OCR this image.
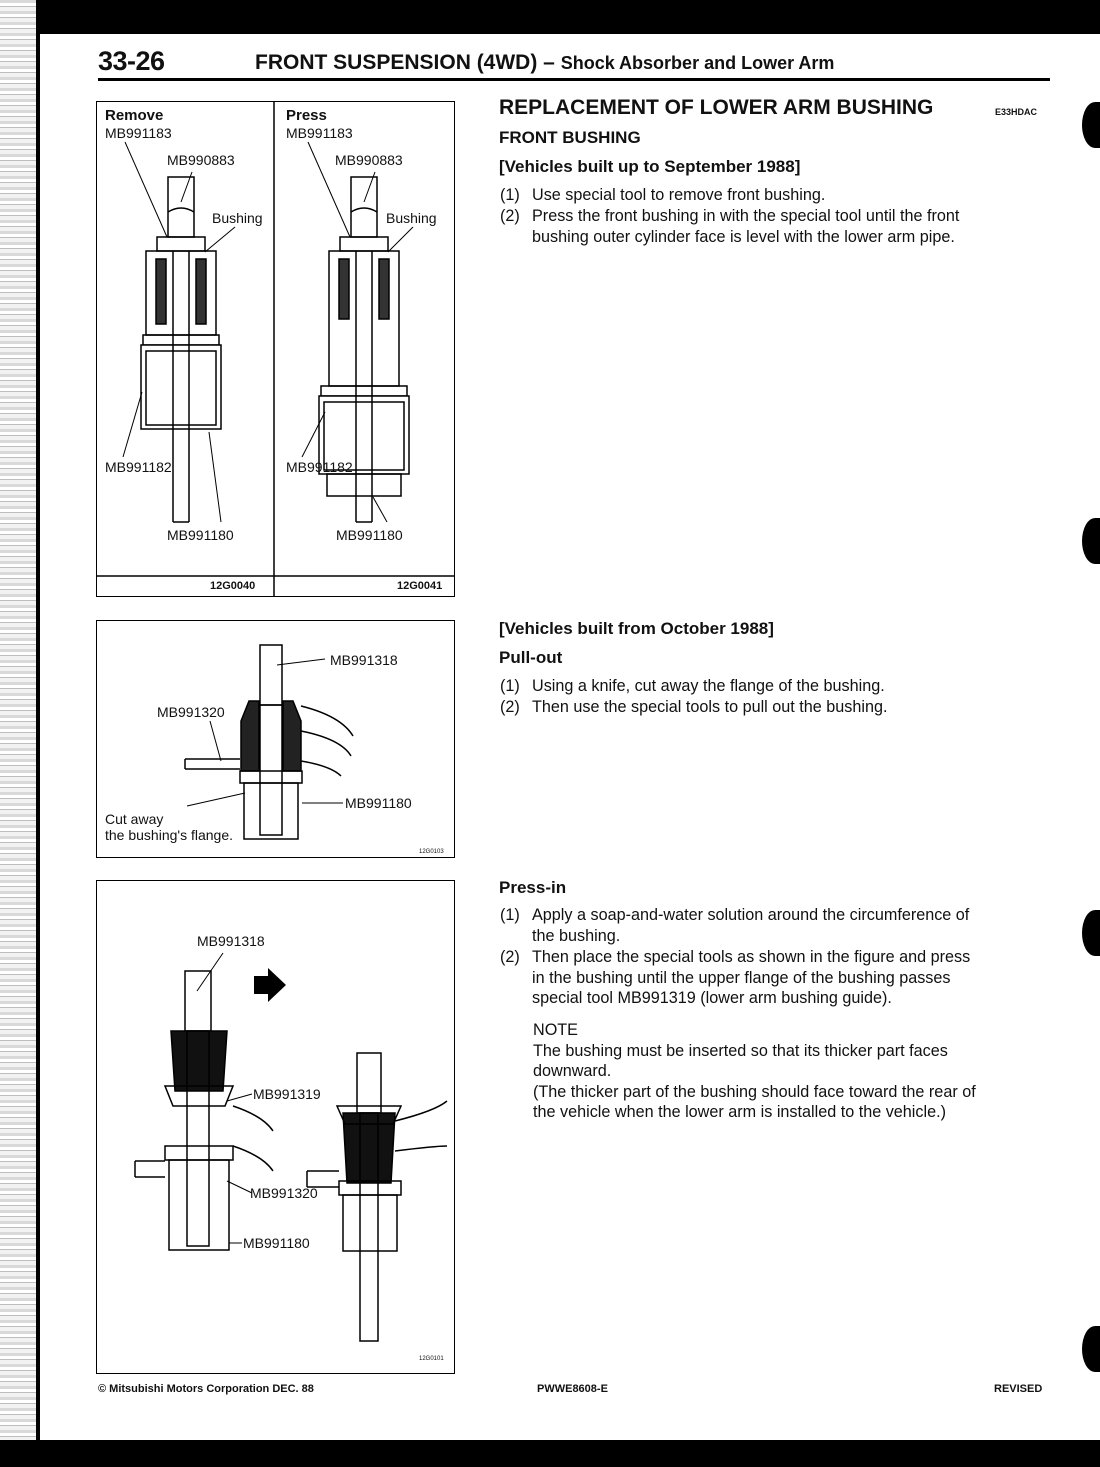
33-26	FRONT SUSPENSION (4WD) – Shock Absorber and Lower Arm
Remove
MB991183
MB990883
Bushing
MB991182
MB991180
12G0040
Press
MB991183
MB990883
Bushing
MB991182
MB991180
12G0041
MB991318
MB991320
MB991180
Cut away
the bushing's flange.
12G0103
MB991318
MB991319
MB991320
MB991180
12G0101
REPLACEMENT OF LOWER ARM BUSHING	E33HDAC
FRONT BUSHING
[Vehicles built up to September 1988]
(1) Use special tool to remove front bushing.
(2) Press the front bushing in with the special tool until the front
bushing outer cylinder face is level with the lower arm pipe.
[Vehicles built from October 1988]
Pull-out
(1) Using a knife, cut away the flange of the bushing.
(2) Then use the special tools to pull out the bushing.
Press-in
(1) Apply a soap-and-water solution around the circumference of
the bushing.
(2) Then place the special tools as shown in the figure and press
in the bushing until the upper flange of the bushing passes
special tool MB991319 (lower arm bushing guide).
NOTE
The bushing must be inserted so that its thicker part faces
downward.
(The thicker part of the bushing should face toward the rear of
the vehicle when the lower arm is installed to the vehicle.)
© Mitsubishi Motors Corporation DEC. 88	PWWE8608-E	REVISED
